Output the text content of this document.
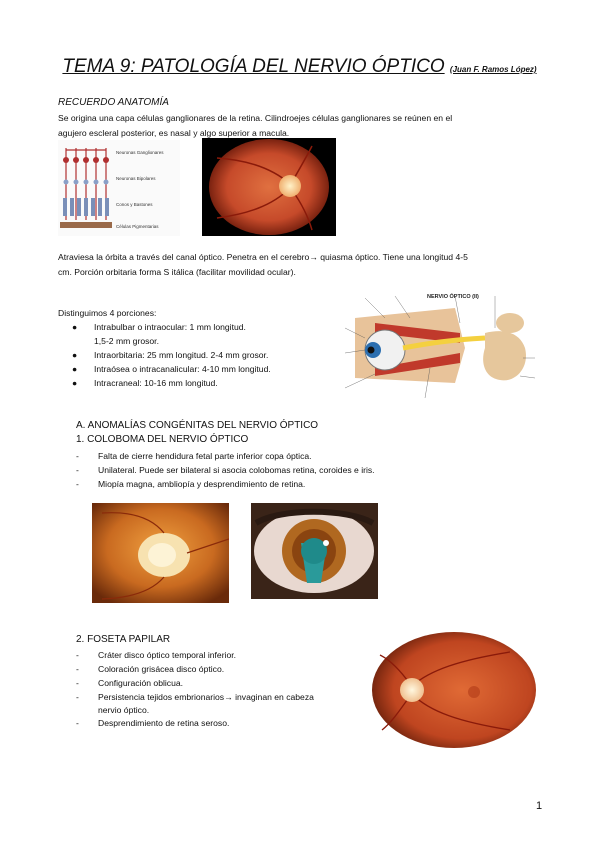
TEMA 9: PATOLOGÍA DEL NERVIO ÓPTICO (Juan F. Ramos López)
RECUERDO ANATOMÍA
Se origina una capa células ganglionares de la retina. Cilindroejes células ganglionares se reúnen en el
agujero escleral posterior, es nasal y algo superior a macula.
Neuronas Ganglionares
Neuronas Bipolares
Conos y Bastones
Células Pigmentarias
Atraviesa la órbita a través del canal óptico. Penetra en el cerebro→ quiasma óptico. Tiene una longitud 4-5
cm. Porción orbitaria forma S itálica (facilitar movilidad ocular).
Distinguimos 4 porciones:
● Intrabulbar o intraocular: 1 mm longitud.
1,5-2 mm grosor.
● Intraorbitaria: 25 mm longitud. 2-4 mm grosor.
● Intraósea o intracanalicular: 4-10 mm longitud.
● Intracraneal: 10-16 mm longitud.
NERVIO ÓPTICO (II)
A. ANOMALÍAS CONGÉNITAS DEL NERVIO ÓPTICO
1. COLOBOMA DEL NERVIO ÓPTICO
- Falta de cierre hendidura fetal parte inferior copa óptica.
- Unilateral. Puede ser bilateral si asocia colobomas retina, coroides e iris.
- Miopía magna, ambliopía y desprendimiento de retina.
2. FOSETA PAPILAR
- Cráter disco óptico temporal inferior.
- Coloración grisácea disco óptico.
- Configuración oblicua.
- Persistencia tejidos embrionarios→ invaginan en cabeza
nervio óptico.
- Desprendimiento de retina seroso.
1
